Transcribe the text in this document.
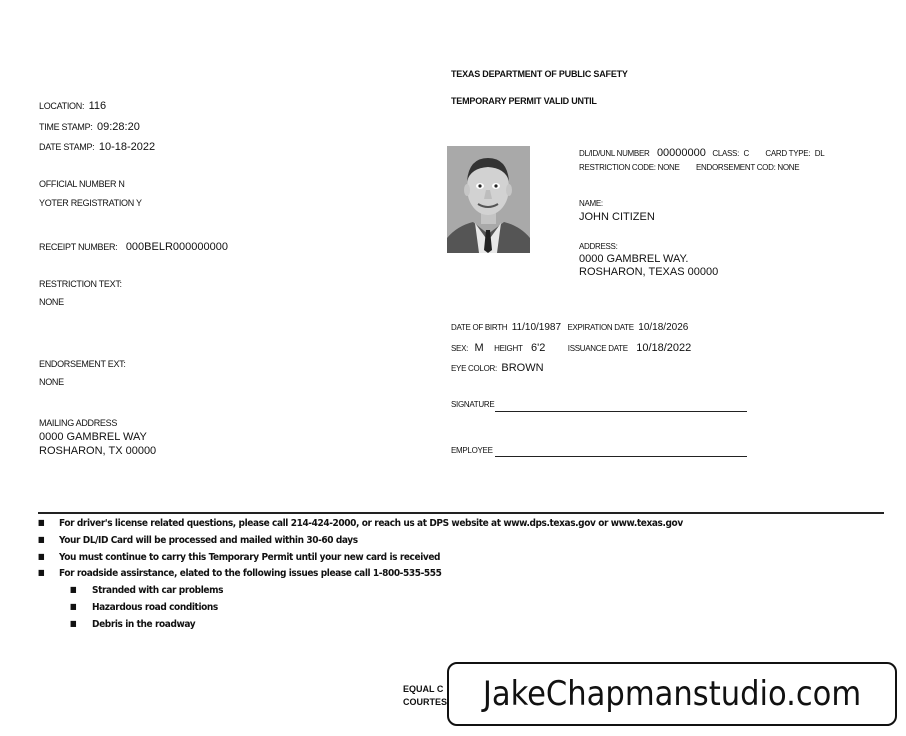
TEXAS DEPARTMENT OF PUBLIC SAFETY
TEMPORARY PERMIT VALID UNTIL
LOCATION: 116
TIME STAMP: 09:28:20
DATE STAMP: 10-18-2022
OFFICIAL NUMBER N
YOTER REGISTRATION Y
RECEIPT NUMBER: 000BELR000000000
RESTRICTION TEXT:
NONE
ENDORSEMENT EXT:
NONE
MAILING ADDRESS
0000 GAMBREL WAY
ROSHARON, TX 00000
DL/ID/UNL NUMBER 00000000 CLASS: C CARD TYPE: DL
RESTRICTION CODE: NONE ENDORSEMENT COD: NONE
NAME:
JOHN CITIZEN
ADDRESS:
0000 GAMBREL WAY.
ROSHARON, TEXAS 00000
DATE OF BIRTH 11/10/1987 EXPIRATION DATE 10/18/2026
SEX: M HEIGHT 6'2	ISSUANCE DATE 10/18/2022
EYE COLOR: BROWN
SIGNATURE
EMPLOYEE
■ For driver's license related questions, please call 214-424-2000, or reach us at DPS website at www.dps.texas.gov or www.texas.gov
■ Your DL/ID Card will be processed and mailed within 30-60 days
■ You must continue to carry this Temporary Permit until your new card is received
■ For roadside assirstance, elated to the following issues please call 1-800-535-555
■ Stranded with car problems
■ Hazardous road conditions
■ Debris in the roadway
EQUAL C
COURTES	JakeChapmanstudio.com
